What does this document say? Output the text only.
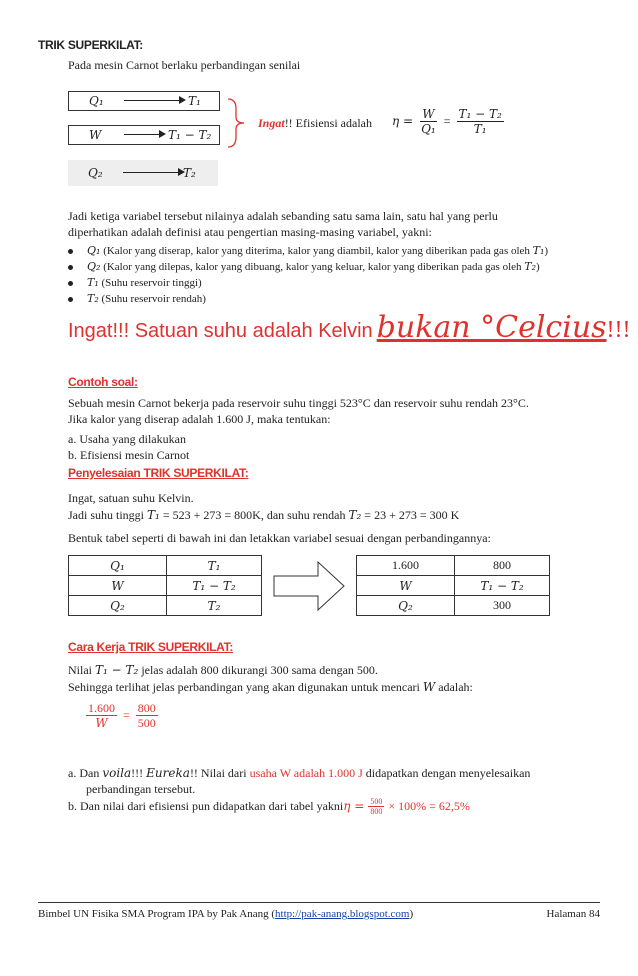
TRIK SUPERKILAT:
Pada mesin Carnot berlaku perbandingan senilai
Q₁	T₁
W	T₁ − T₂
Q₂	T₂
Ingat!! Efisiensi adalah $\eta = \frac{W}{\text{Q₁}} = \frac{\text{T₁ − T₂}}{\text{T₁}}$
Jadi ketiga variabel tersebut nilainya adalah sebanding satu sama lain, satu hal yang perlu
diperhatikan adalah definisi atau pengertian masing-masing variabel, yakni:
Q₁ (Kalor yang diserap, kalor yang diterima, kalor yang diambil, kalor yang diberikan pada gas oleh T₁)
Q₂ (Kalor yang dilepas, kalor yang dibuang, kalor yang keluar, kalor yang diberikan pada gas oleh T₂)
T₁ (Suhu reservoir tinggi)
T₂ (Suhu reservoir rendah)
Ingat!!! Satuan suhu adalah Kelvin bukan °Celcius!!!
Contoh soal:
Sebuah mesin Carnot bekerja pada reservoir suhu tinggi 523°C dan reservoir suhu rendah 23°C.
Jika kalor yang diserap adalah 1.600 J, maka tentukan:
a. Usaha yang dilakukan
b. Efisiensi mesin Carnot
Penyelesaian TRIK SUPERKILAT:
Ingat, satuan suhu Kelvin.
Jadi suhu tinggi T₁ = 523 + 273 = 800K, dan suhu rendah T₂ = 23 + 273 = 300 K
Bentuk tabel seperti di bawah ini dan letakkan variabel sesuai dengan perbandingannya:
Q₁	T₁
W	T₁ − T₂
Q₂	T₂
1.600	800
W	T₁ − T₂
Q₂	300
Cara Kerja TRIK SUPERKILAT:
Nilai T₁ − T₂ jelas adalah 800 dikurangi 300 sama dengan 500.
Sehingga terlihat jelas perbandingan yang akan digunakan untuk mencari W adalah:
$\frac{1.600}{W} = \frac{800}{500}$
a. Dan voila!!! Eureka!! Nilai dari usaha W adalah 1.000 J didapatkan dengan menyelesaikan
perbandingan tersebut.
b. Dan nilai dari efisiensi pun didapatkan dari tabel yakni $\eta = \frac{500}{800} \times 100\% = 62,5\%$
Bimbel UN Fisika SMA Program IPA by Pak Anang (http://pak-anang.blogspot.com)	Halaman 84
